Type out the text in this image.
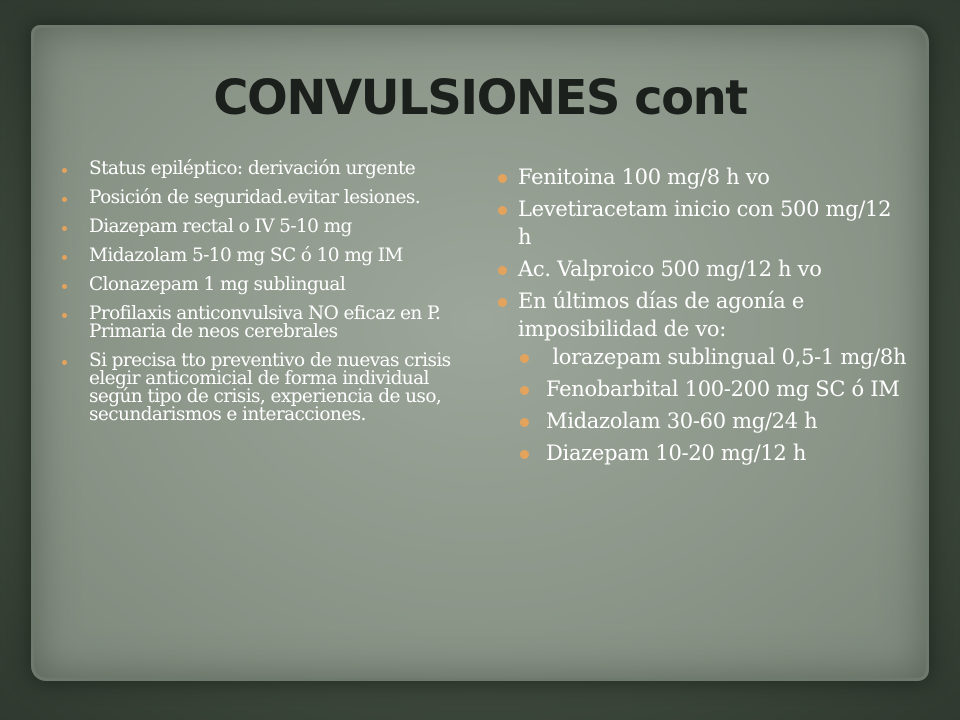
CONVULSIONES cont
Status epiléptico: derivación urgente
Posición de seguridad.evitar lesiones.
Diazepam rectal o IV 5-10 mg
Midazolam 5-10 mg SC ó 10 mg IM
Clonazepam 1 mg sublingual
Profilaxis anticonvulsiva NO eficaz en P. Primaria de neos cerebrales
Si precisa tto preventivo de nuevas crisis elegir anticomicial de forma individual según tipo de crisis, experiencia de uso, secundarismos e interacciones.
Fenitoina 100 mg/8 h vo
Levetiracetam inicio con 500 mg/12 h
Ac. Valproico 500 mg/12 h vo
En últimos días de agonía e imposibilidad de vo:
lorazepam sublingual 0,5-1 mg/8h
Fenobarbital 100-200 mg SC ó IM
Midazolam 30-60 mg/24 h
Diazepam 10-20 mg/12 h
